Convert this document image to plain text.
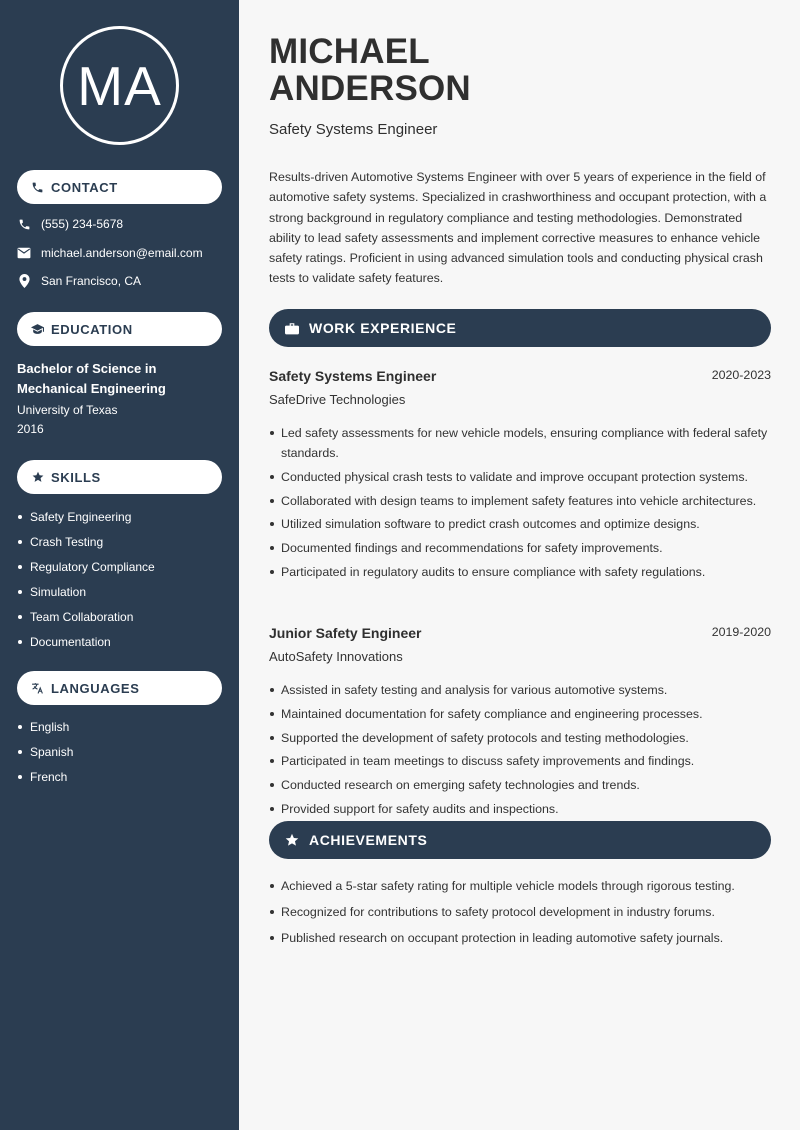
MA
CONTACT
(555) 234-5678
michael.anderson@email.com
San Francisco, CA
EDUCATION
Bachelor of Science in Mechanical Engineering
University of Texas
2016
SKILLS
Safety Engineering
Crash Testing
Regulatory Compliance
Simulation
Team Collaboration
Documentation
LANGUAGES
English
Spanish
French
MICHAEL
ANDERSON
Safety Systems Engineer

Results-driven Automotive Systems Engineer with over 5 years of experience in the field of automotive safety systems. Specialized in crashworthiness and occupant protection, with a strong background in regulatory compliance and testing methodologies. Demonstrated ability to lead safety assessments and implement corrective measures to enhance vehicle safety ratings. Proficient in using advanced simulation tools and conducting physical crash tests to validate safety features.

WORK EXPERIENCE
Safety Systems Engineer	2020-2023
SafeDrive Technologies
Led safety assessments for new vehicle models, ensuring compliance with federal safety standards.
Conducted physical crash tests to validate and improve occupant protection systems.
Collaborated with design teams to implement safety features into vehicle architectures.
Utilized simulation software to predict crash outcomes and optimize designs.
Documented findings and recommendations for safety improvements.
Participated in regulatory audits to ensure compliance with safety regulations.
Junior Safety Engineer	2019-2020
AutoSafety Innovations
Assisted in safety testing and analysis for various automotive systems.
Maintained documentation for safety compliance and engineering processes.
Supported the development of safety protocols and testing methodologies.
Participated in team meetings to discuss safety improvements and findings.
Conducted research on emerging safety technologies and trends.
Provided support for safety audits and inspections.
ACHIEVEMENTS
Achieved a 5-star safety rating for multiple vehicle models through rigorous testing.
Recognized for contributions to safety protocol development in industry forums.
Published research on occupant protection in leading automotive safety journals.
